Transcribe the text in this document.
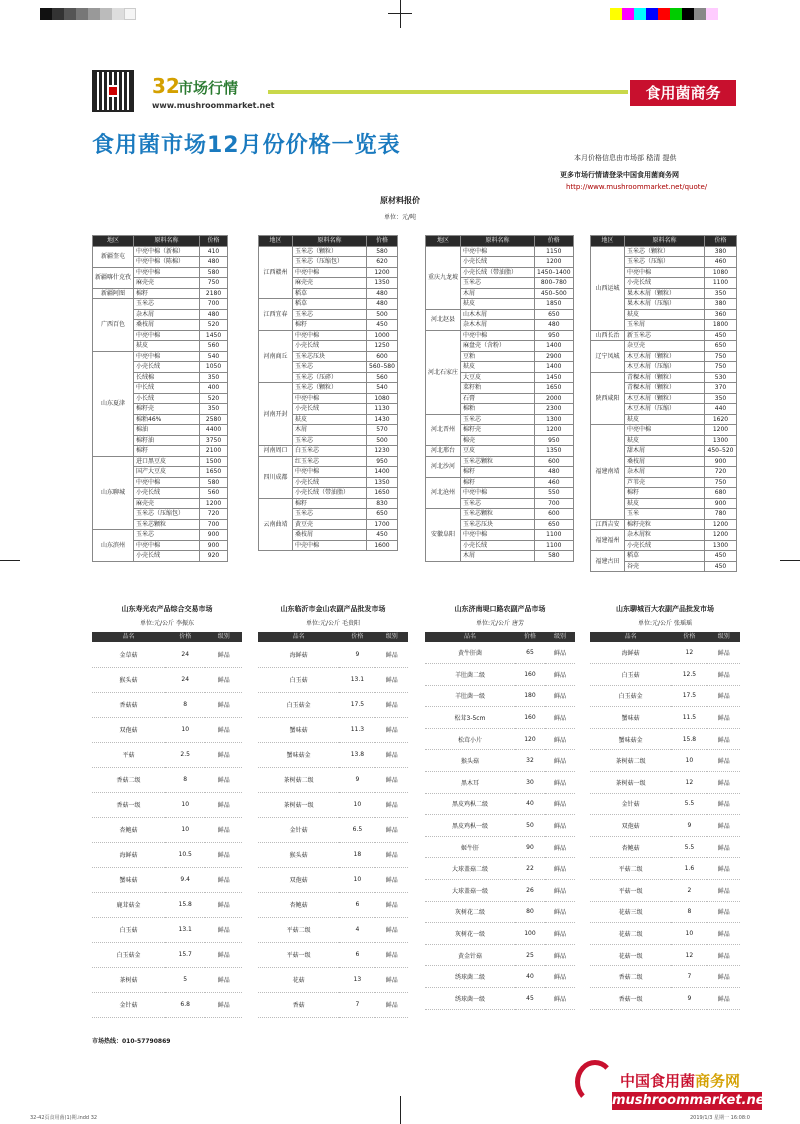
32
市场行情
www.mushroommarket.net
食用菌商务
食用菌市场12月份价格一览表	本月价格信息由市场部 嵇清 提供
更多市场行情请登录中国食用菌商务网
http://www.mushroommarket.net/quote/
原材料报价
单位：元/吨
地区	原料名称	价格
新疆奎屯	中亮中棉（新棉）	410
	中亮中棉（陈棉）	480
新疆喀什克孜	中亮中棉	580
	麻壳壳	750
新疆阿图	棉籽	2180
广西百色	玉米芯	700
	杂木屑	480
	桑枝屑	520
	中亮中棉	1450
	麸皮	560
山东夏津	中亮中棉	540
	小壳长绒	1050
	长绒棉	350
	中长绒	400
	小长绒	520
	棉籽壳	350
	棉粕46%	2580
	棉油	4400
	棉籽油	3750
	棉籽	2100
山东聊城	进口黑豆皮	1500
	国产大豆皮	1650
	中亮中棉	580
	小壳长绒	560
	麻壳壳	1200
	玉米芯（压缩包）	720
	玉米芯颗粒	700
山东滨州	玉米芯	900
	中亮中棉	900
	小壳长绒	920
地区	原料名称	价格
江西赣州	玉米芯（颗粒）	580
	玉米芯（压缩包）	620
	中亮中棉	1200
	麻壳壳	1350
	稻草	480
江西宜春	稻草	480
	玉米芯	500
	棉籽	450
河南商丘	中亮中棉	1000
	小壳长绒	1250
	玉米芯压块	600
	玉米芯	560–580
	玉米芯（压碎）	560
河南开封	玉米芯（颗粒）	540
	中亮中棉	1080
	小壳长绒	1130
	麸皮	1430
	木屑	570
	玉米芯	500
河南周口	白玉米芯	1230
四川成都	红玉米芯	950
	中亮中棉	1400
	小壳长绒	1350
	小壳长绒（带油脂）	1650
云南曲靖	棉籽	830
	玉米芯	650
	黄豆壳	1700
	桑枝屑	450
	中壳中棉	1600
地区	原料名称	价格
重庆九龙坡	中亮中棉	1150
	小壳长绒	1200
	小壳长绒（带油脂）	1450–1400
	玉米芯	800–780
	木屑	450–500
	麸皮	1850
河北赵县	山木木屑	650
	杂木木屑	480
河北石家庄	中亮中棉	950
	麻盘壳（含粉）	1400
	豆粕	2900
	麸皮	1400
	大豆皮	1450
	菜籽粕	1650
	石膏	2000
	棉粕	2300
河北晋州	玉米芯	1300
	棉籽壳	1200
	棉壳	950
河北邢台	豆皮	1350
河北沙河	玉米芯颗粒	600
	棉籽	480
河北沧州	棉籽	460
	中亮中棉	550
	玉米芯	700
安徽阜阳	玉米芯颗粒	600
	玉米芯压块	650
	中亮中棉	1100
	小壳长绒	1100
	木屑	580
地区	原料名称	价格
山西运城	玉米芯（颗粒）	380
	玉米芯（压缩）	460
	中亮中棉	1080
	小壳长绒	1100
	果木木屑（颗粒）	350
	果木木屑（压缩）	380
	麸皮	360
	玉米屑	1800
山西长治	新玉米芯	450
辽宁凤城	杂豆壳	650
	木豆木屑（颗粒）	750
	木豆木屑（压缩）	750
陕西咸阳	青稞木屑（颗粒）	530
	青稞木屑（颗粒）	370
	木豆木屑（颗粒）	350
	木豆木屑（压缩）	440
	麸皮	1620
福建南靖	中亮中棉	1200
	麸皮	1300
	甜木屑	450–520
	桑枝屑	900
	杂木屑	720
	芦苇壳	750
	棉籽	680
	麸皮	900
	玉米	780
江西吉安	棉籽壳粒	1200
福建福州	杂木屑粒	1200
	小壳长绒	1300
福建古田	稻草	450
	谷壳	450
山东寿光农产品综合交易市场
单位:元/公斤 李振东
品名	价格	级别
金草菇	24	鲜品
猴头菇	24	鲜品
香菇菇	8	鲜品
双孢菇	10	鲜品
平菇	2.5	鲜品
香菇二级	8	鲜品
香菇一级	10	鲜品
杏鲍菇	10	鲜品
海鲜菇	10.5	鲜品
蟹味菇	9.4	鲜品
鹿茸菇金	15.8	鲜品
白玉菇	13.1	鲜品
白玉菇金	15.7	鲜品
茶树菇	5	鲜品
金针菇	6.8	鲜品
山东临沂市金山农副产品批发市场
单位:元/公斤 毛贵阳
品名	价格	级别
海鲜菇	9	鲜品
白玉菇	13.1	鲜品
白玉菇金	17.5	鲜品
蟹味菇	11.3	鲜品
蟹味菇金	13.8	鲜品
茶树菇二级	9	鲜品
茶树菇一级	10	鲜品
金针菇	6.5	鲜品
猴头菇	18	鲜品
双孢菇	10	鲜品
杏鲍菇	6	鲜品
平菇二级	4	鲜品
平菇一级	6	鲜品
花菇	13	鲜品
香菇	7	鲜品
山东济南堤口路农副产品市场
单位:元/公斤 唐芳
品名	价格	级别
黄牛肝菌	65	鲜品
羊肚菌二级	160	鲜品
羊肚菌一级	180	鲜品
松茸3-5cm	160	鲜品
松茸小片	120	鲜品
猴头菇	32	鲜品
黑木耳	30	鲜品
黑皮鸡枞二级	40	鲜品
黑皮鸡枞一级	50	鲜品
姬牛肝	90	鲜品
大球盖菇二级	22	鲜品
大球盖菇一级	26	鲜品
灰树花二级	80	鲜品
灰树花一级	100	鲜品
黄金针菇	25	鲜品
绣球菌二级	40	鲜品
绣球菌一级	45	鲜品
山东聊城百大农副产品批发市场
单位:元/公斤 张瑶瑶
品名	价格	级别
海鲜菇	12	鲜品
白玉菇	12.5	鲜品
白玉菇金	17.5	鲜品
蟹味菇	11.5	鲜品
蟹味菇金	15.8	鲜品
茶树菇二级	10	鲜品
茶树菇一级	12	鲜品
金针菇	5.5	鲜品
双孢菇	9	鲜品
杏鲍菇	5.5	鲜品
平菇二级	1.6	鲜品
平菇一级	2	鲜品
花菇三级	8	鲜品
花菇二级	10	鲜品
花菇一级	12	鲜品
香菇二级	7	鲜品
香菇一级	9	鲜品
市场热线：010-57790869
中国食用菌商务网
mushroommarket.net
32-42页食用菌(1)期.indd 32	2019/1/3 星期一 16:08:0
